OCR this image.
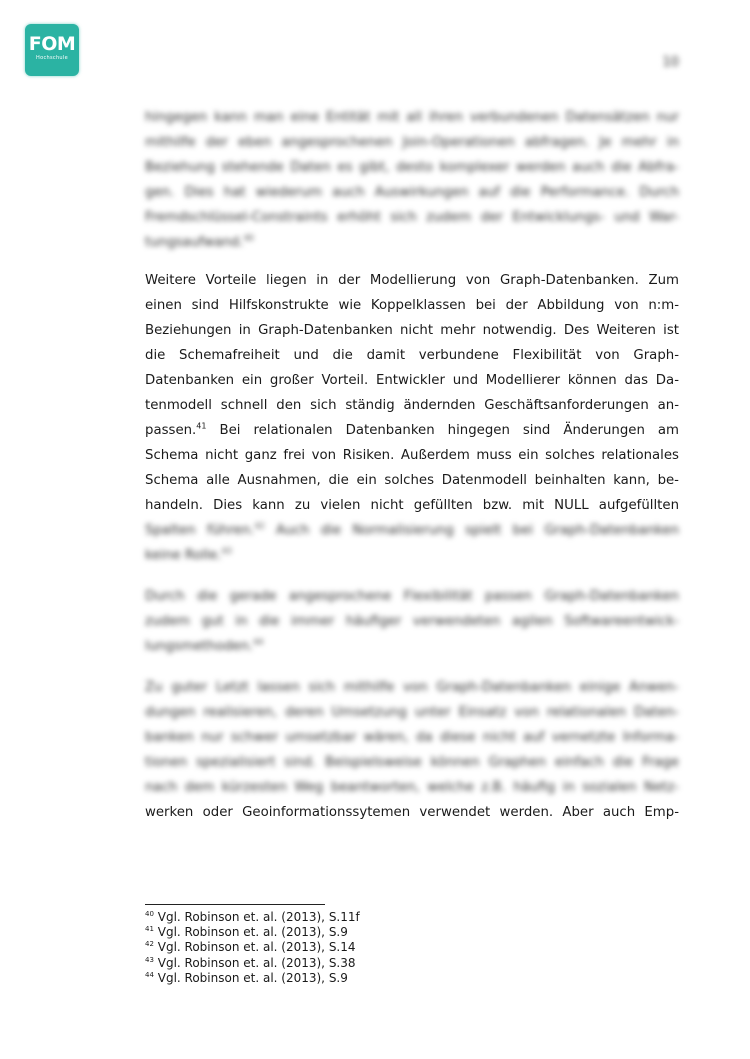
FOM
Hochschule	10
hingegen kann man eine Entität mit all ihren verbundenen Datensätzen nur
mithilfe der eben angesprochenen Join-Operationen abfragen. Je mehr in
Beziehung stehende Daten es gibt, desto komplexer werden auch die Abfra-
gen. Dies hat wiederum auch Auswirkungen auf die Performance. Durch
Fremdschlüssel-Constraints erhöht sich zudem der Entwicklungs- und War-
tungsaufwand.$^{40}$
Weitere Vorteile liegen in der Modellierung von Graph-Datenbanken. Zum
einen sind Hilfskonstrukte wie Koppelklassen bei der Abbildung von n:m-
Beziehungen in Graph-Datenbanken nicht mehr notwendig. Des Weiteren ist
die Schemafreiheit und die damit verbundene Flexibilität von Graph-
Datenbanken ein großer Vorteil. Entwickler und Modellierer können das Da-
tenmodell schnell den sich ständig ändernden Geschäftsanforderungen an-
passen.$^{41}$ Bei relationalen Datenbanken hingegen sind Änderungen am
Schema nicht ganz frei von Risiken. Außerdem muss ein solches relationales
Schema alle Ausnahmen, die ein solches Datenmodell beinhalten kann, be-
handeln. Dies kann zu vielen nicht gefüllten bzw. mit NULL aufgefüllten
Spalten führen.$^{42}$ Auch die Normalisierung spielt bei Graph-Datenbanken
keine Rolle.$^{43}$
Durch die gerade angesprochene Flexibilität passen Graph-Datenbanken
zudem gut in die immer häufiger verwendeten agilen Softwareentwick-
lungsmethoden.$^{44}$
Zu guter Letzt lassen sich mithilfe von Graph-Datenbanken einige Anwen-
dungen realisieren, deren Umsetzung unter Einsatz von relationalen Daten-
banken nur schwer umsetzbar wären, da diese nicht auf vernetzte Informa-
tionen spezialisiert sind. Beispielsweise können Graphen einfach die Frage
nach dem kürzesten Weg beantworten, welche z.B. häufig in sozialen Netz-
werken oder Geoinformationssytemen verwendet werden. Aber auch Emp-
$^{40}$ Vgl. Robinson et. al. (2013), S.11f
$^{41}$ Vgl. Robinson et. al. (2013), S.9
$^{42}$ Vgl. Robinson et. al. (2013), S.14
$^{43}$ Vgl. Robinson et. al. (2013), S.38
$^{44}$ Vgl. Robinson et. al. (2013), S.9
